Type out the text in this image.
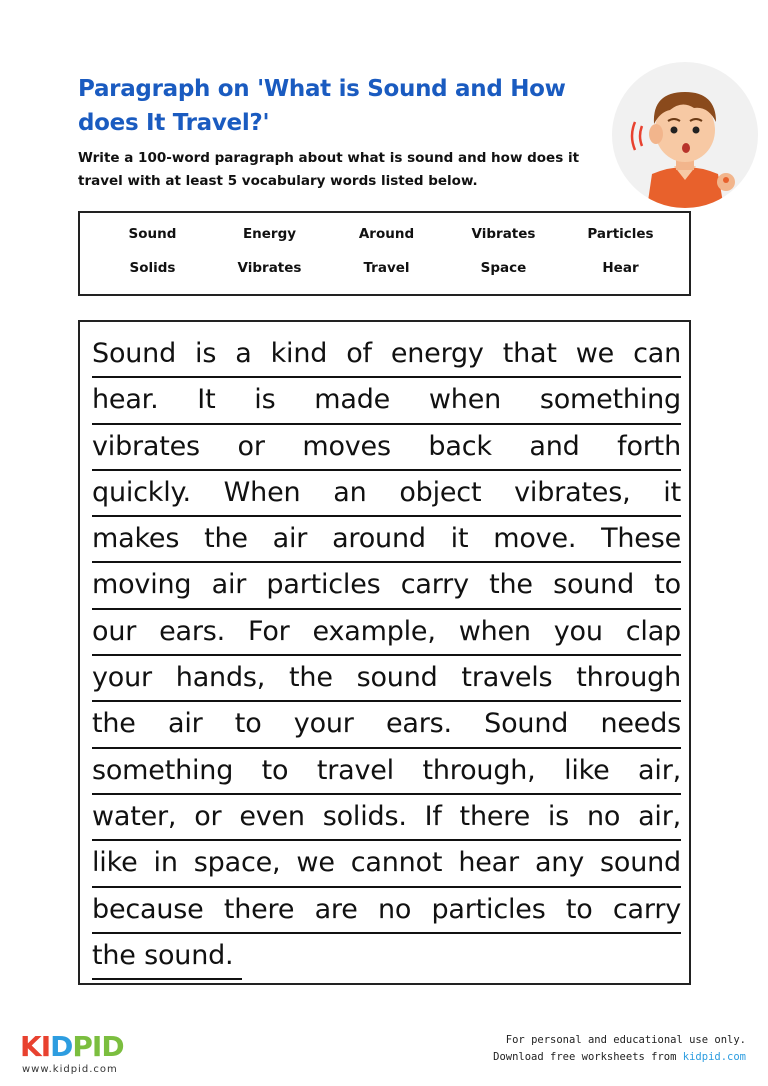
Paragraph on 'What is Sound and How does It Travel?'
Write a 100-word paragraph about what is sound and how does it travel with at least 5 vocabulary words listed below.
Sound	Energy	Around	Vibrates	Particles
Solids	Vibrates	Travel	Space	Hear
Sound is a kind of energy that we can
hear. It is made when something
vibrates or moves back and forth
quickly. When an object vibrates, it
makes the air around it move. These
moving air particles carry the sound to
our ears. For example, when you clap
your hands, the sound travels through
the air to your ears. Sound needs
something to travel through, like air,
water, or even solids. If there is no air,
like in space, we cannot hear any sound
because there are no particles to carry
the sound.
KIDPID
www.kidpid.com
For personal and educational use only.
Download free worksheets from kidpid.com
